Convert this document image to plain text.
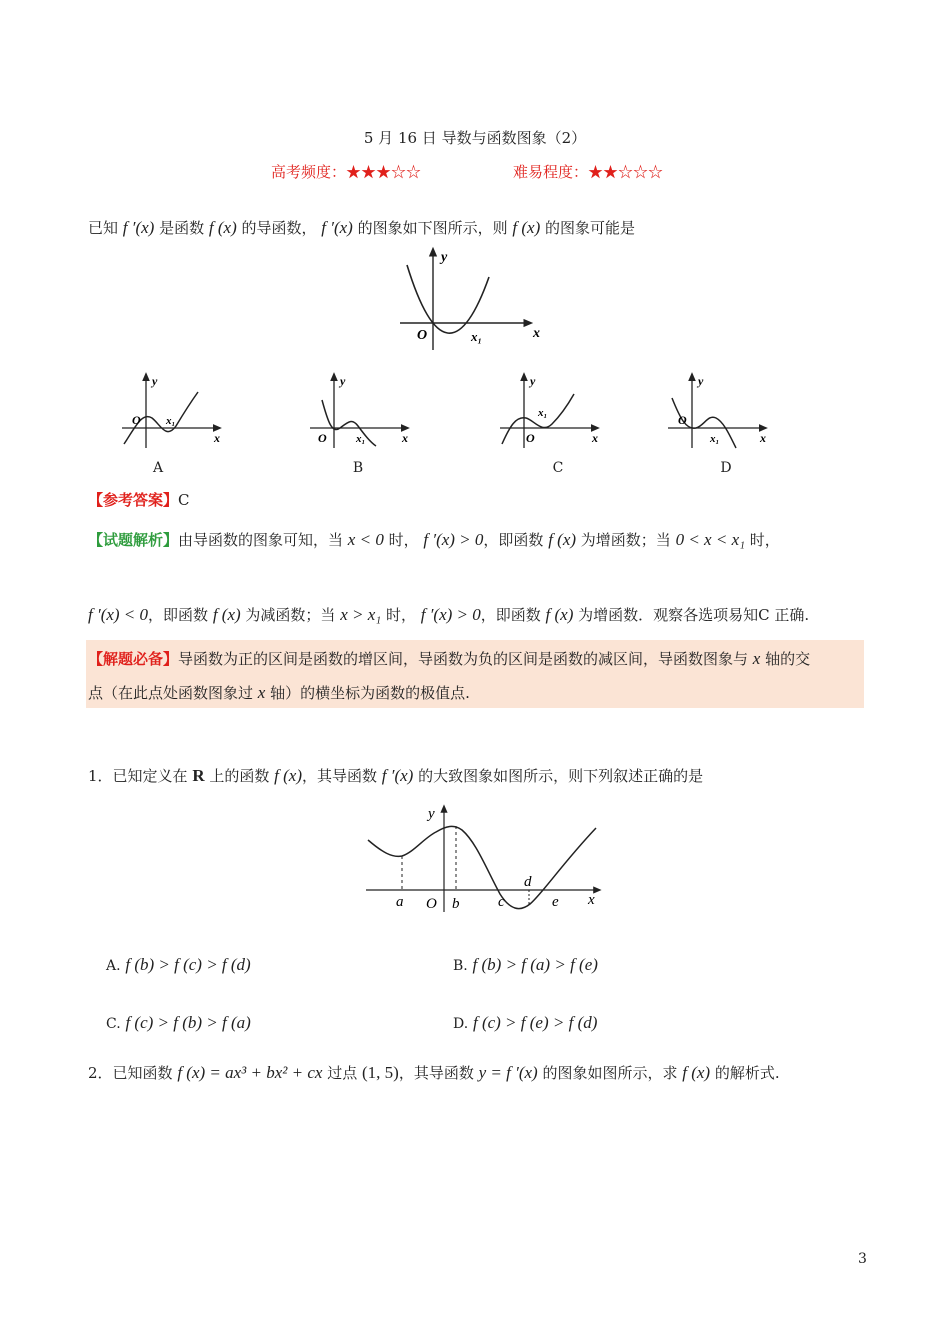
5 月 16 日 导数与函数图象（2）
高考频度：★★★☆☆	难易程度：★★☆☆☆
已知 f ′(x) 是函数 f (x) 的导函数， f ′(x) 的图象如下图所示，则 f (x) 的图象可能是
y
x
O	x₁
y
x
O x₁
A
y
x
O	x₁
B
y
x
O
x₁
C
y
x
O
x₁
D
【参考答案】C
【试题解析】由导函数的图象可知，当 x < 0 时， f ′(x) > 0，即函数 f (x) 为增函数；当 0 < x < x₁ 时，
f ′(x) < 0，即函数 f (x) 为减函数；当 x > x₁ 时， f ′(x) > 0，即函数 f (x) 为增函数．观察各选项易知C 正确.
【解题必备】导函数为正的区间是函数的增区间，导函数为负的区间是函数的减区间，导函数图象与 x 轴的交
点（在此点处函数图象过 x 轴）的横坐标为函数的极值点.
1．已知定义在 R 上的函数 f (x)，其导函数 f ′(x) 的大致图象如图所示，则下列叙述正确的是
y
x
O
a	b	c
d
e
A. f (b) > f (c) > f (d)	B. f (b) > f (a) > f (e)
C. f (c) > f (b) > f (a)	D. f (c) > f (e) > f (d)
2．已知函数 f (x) = ax³ + bx² + cx 过点 (1, 5)，其导函数 y = f ′(x) 的图象如图所示，求 f (x) 的解析式.
3
